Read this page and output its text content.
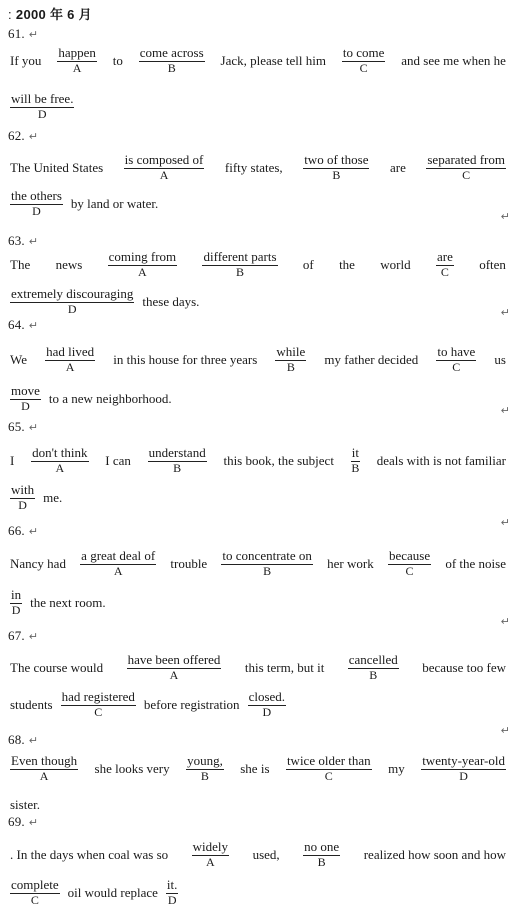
: 2000 年 6 月
61. ↵
If you
happen
A
to
come across
B
Jack, please tell him
to come
C
and see me when he
will be free.
D
62. ↵
The United States
is composed of
A
fifty states,
two of those
B
are
separated from
C
the others
D
by land or water.
↵
63. ↵
The news
coming from
A
different parts
B
of the world
are
C
often
extremely discouraging
D
these days.
↵
64. ↵
We
had lived
A
in this house for three years
while
B
my father decided
to have
C
us
move
D
to a new neighborhood.
↵
65. ↵
I
don't think
A
I can
understand
B
this book, the subject
it
B
deals with is not familiar
with
D
me.
↵
66. ↵
Nancy had
a great deal of
A
trouble
to concentrate on
B
her work
because
C
of the noise
in
D
the next room.
↵
67. ↵
The course would
have been offered
A
this term, but it
cancelled
B
because too few
students
had registered
C
before registration
closed.
D
↵
68. ↵
Even though
A
she looks very
young,
B
she is
twice older than
C
my
twenty-year-old
D
sister.
69. ↵
. In the days when coal was so
widely
A
used,
no one
B
realized how soon and how
complete
C
oil would replace
it.
D
